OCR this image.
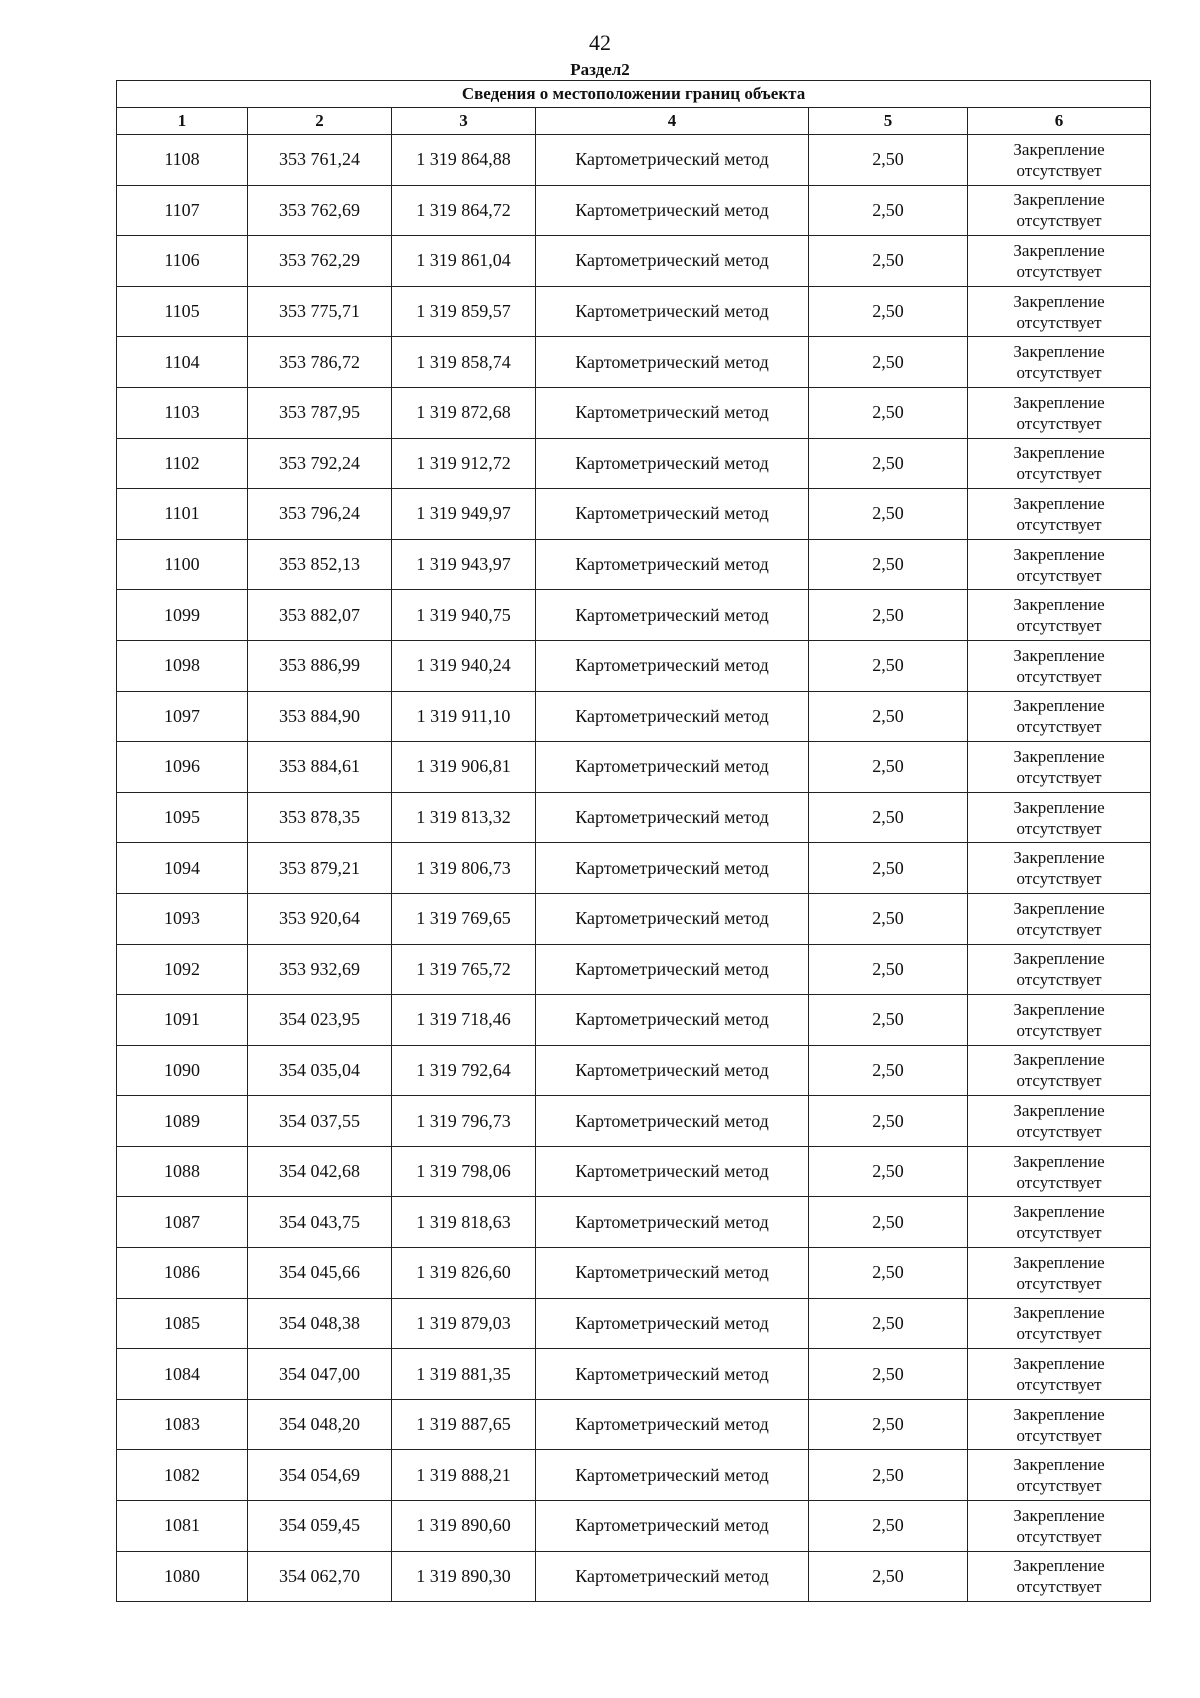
42
Раздел2
Сведения о местоположении границ объекта					
1	2	3	4	5	6
1108	353 761,24	1 319 864,88	Картометрический метод	2,50	Закрепление
отсутствует

1107	353 762,69	1 319 864,72	Картометрический метод	2,50	Закрепление
отсутствует

1106	353 762,29	1 319 861,04	Картометрический метод	2,50	Закрепление
отсутствует

1105	353 775,71	1 319 859,57	Картометрический метод	2,50	Закрепление
отсутствует

1104	353 786,72	1 319 858,74	Картометрический метод	2,50	Закрепление
отсутствует

1103	353 787,95	1 319 872,68	Картометрический метод	2,50	Закрепление
отсутствует

1102	353 792,24	1 319 912,72	Картометрический метод	2,50	Закрепление
отсутствует

1101	353 796,24	1 319 949,97	Картометрический метод	2,50	Закрепление
отсутствует

1100	353 852,13	1 319 943,97	Картометрический метод	2,50	Закрепление
отсутствует

1099	353 882,07	1 319 940,75	Картометрический метод	2,50	Закрепление
отсутствует

1098	353 886,99	1 319 940,24	Картометрический метод	2,50	Закрепление
отсутствует

1097	353 884,90	1 319 911,10	Картометрический метод	2,50	Закрепление
отсутствует

1096	353 884,61	1 319 906,81	Картометрический метод	2,50	Закрепление
отсутствует

1095	353 878,35	1 319 813,32	Картометрический метод	2,50	Закрепление
отсутствует

1094	353 879,21	1 319 806,73	Картометрический метод	2,50	Закрепление
отсутствует

1093	353 920,64	1 319 769,65	Картометрический метод	2,50	Закрепление
отсутствует

1092	353 932,69	1 319 765,72	Картометрический метод	2,50	Закрепление
отсутствует

1091	354 023,95	1 319 718,46	Картометрический метод	2,50	Закрепление
отсутствует

1090	354 035,04	1 319 792,64	Картометрический метод	2,50	Закрепление
отсутствует

1089	354 037,55	1 319 796,73	Картометрический метод	2,50	Закрепление
отсутствует

1088	354 042,68	1 319 798,06	Картометрический метод	2,50	Закрепление
отсутствует

1087	354 043,75	1 319 818,63	Картометрический метод	2,50	Закрепление
отсутствует

1086	354 045,66	1 319 826,60	Картометрический метод	2,50	Закрепление
отсутствует

1085	354 048,38	1 319 879,03	Картометрический метод	2,50	Закрепление
отсутствует

1084	354 047,00	1 319 881,35	Картометрический метод	2,50	Закрепление
отсутствует

1083	354 048,20	1 319 887,65	Картометрический метод	2,50	Закрепление
отсутствует

1082	354 054,69	1 319 888,21	Картометрический метод	2,50	Закрепление
отсутствует

1081	354 059,45	1 319 890,60	Картометрический метод	2,50	Закрепление
отсутствует

1080	354 062,70	1 319 890,30	Картометрический метод	2,50	Закрепление
отсутствует
